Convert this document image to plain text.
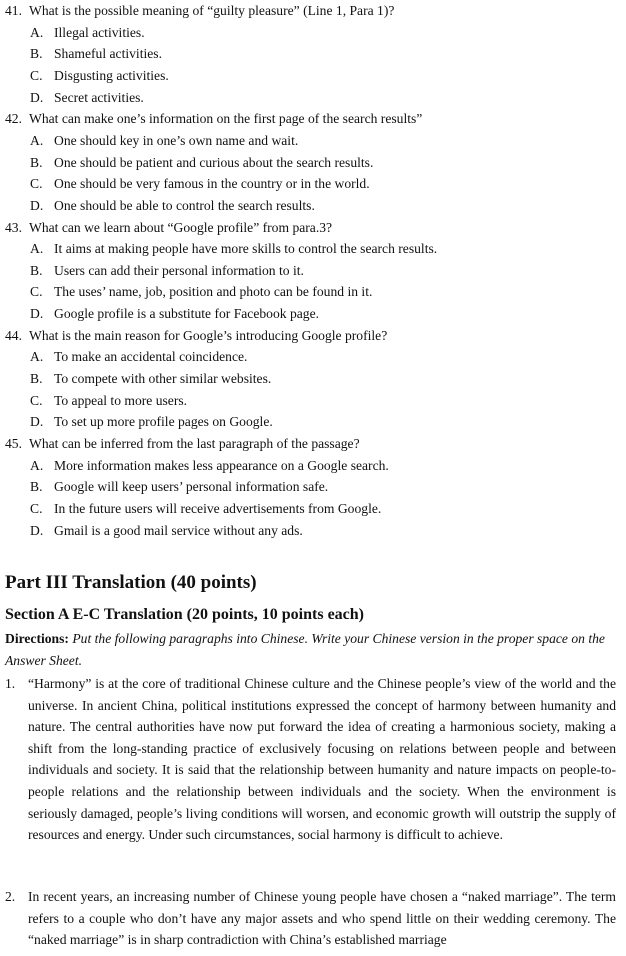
41. What is the possible meaning of “guilty pleasure” (Line 1, Para 1)?
A. Illegal activities.
B. Shameful activities.
C. Disgusting activities.
D. Secret activities.
42. What can make one’s information on the first page of the search results”
A. One should key in one’s own name and wait.
B. One should be patient and curious about the search results.
C. One should be very famous in the country or in the world.
D. One should be able to control the search results.
43. What can we learn about “Google profile” from para.3?
A. It aims at making people have more skills to control the search results.
B. Users can add their personal information to it.
C. The uses’ name, job, position and photo can be found in it.
D. Google profile is a substitute for Facebook page.
44. What is the main reason for Google’s introducing Google profile?
A. To make an accidental coincidence.
B. To compete with other similar websites.
C. To appeal to more users.
D. To set up more profile pages on Google.
45. What can be inferred from the last paragraph of the passage?
A. More information makes less appearance on a Google search.
B. Google will keep users’ personal information safe.
C. In the future users will receive advertisements from Google.
D. Gmail is a good mail service without any ads.
Part III Translation (40 points)
Section A E-C Translation (20 points, 10 points each)
Directions: Put the following paragraphs into Chinese. Write your Chinese version in the proper space on the Answer Sheet.
1. “Harmony” is at the core of traditional Chinese culture and the Chinese people’s view of the world and the universe. In ancient China, political institutions expressed the concept of harmony between humanity and nature. The central authorities have now put forward the idea of creating a harmonious society, making a shift from the long-standing practice of exclusively focusing on relations between people and between individuals and society. It is said that the relationship between humanity and nature impacts on people-to-people relations and the relationship between individuals and the society. When the environment is seriously damaged, people’s living conditions will worsen, and economic growth will outstrip the supply of resources and energy. Under such circumstances, social harmony is difficult to achieve.
2. In recent years, an increasing number of Chinese young people have chosen a “naked marriage”. The term refers to a couple who don’t have any major assets and who spend little on their wedding ceremony. The “naked marriage” is in sharp contradiction with China’s established marriage
